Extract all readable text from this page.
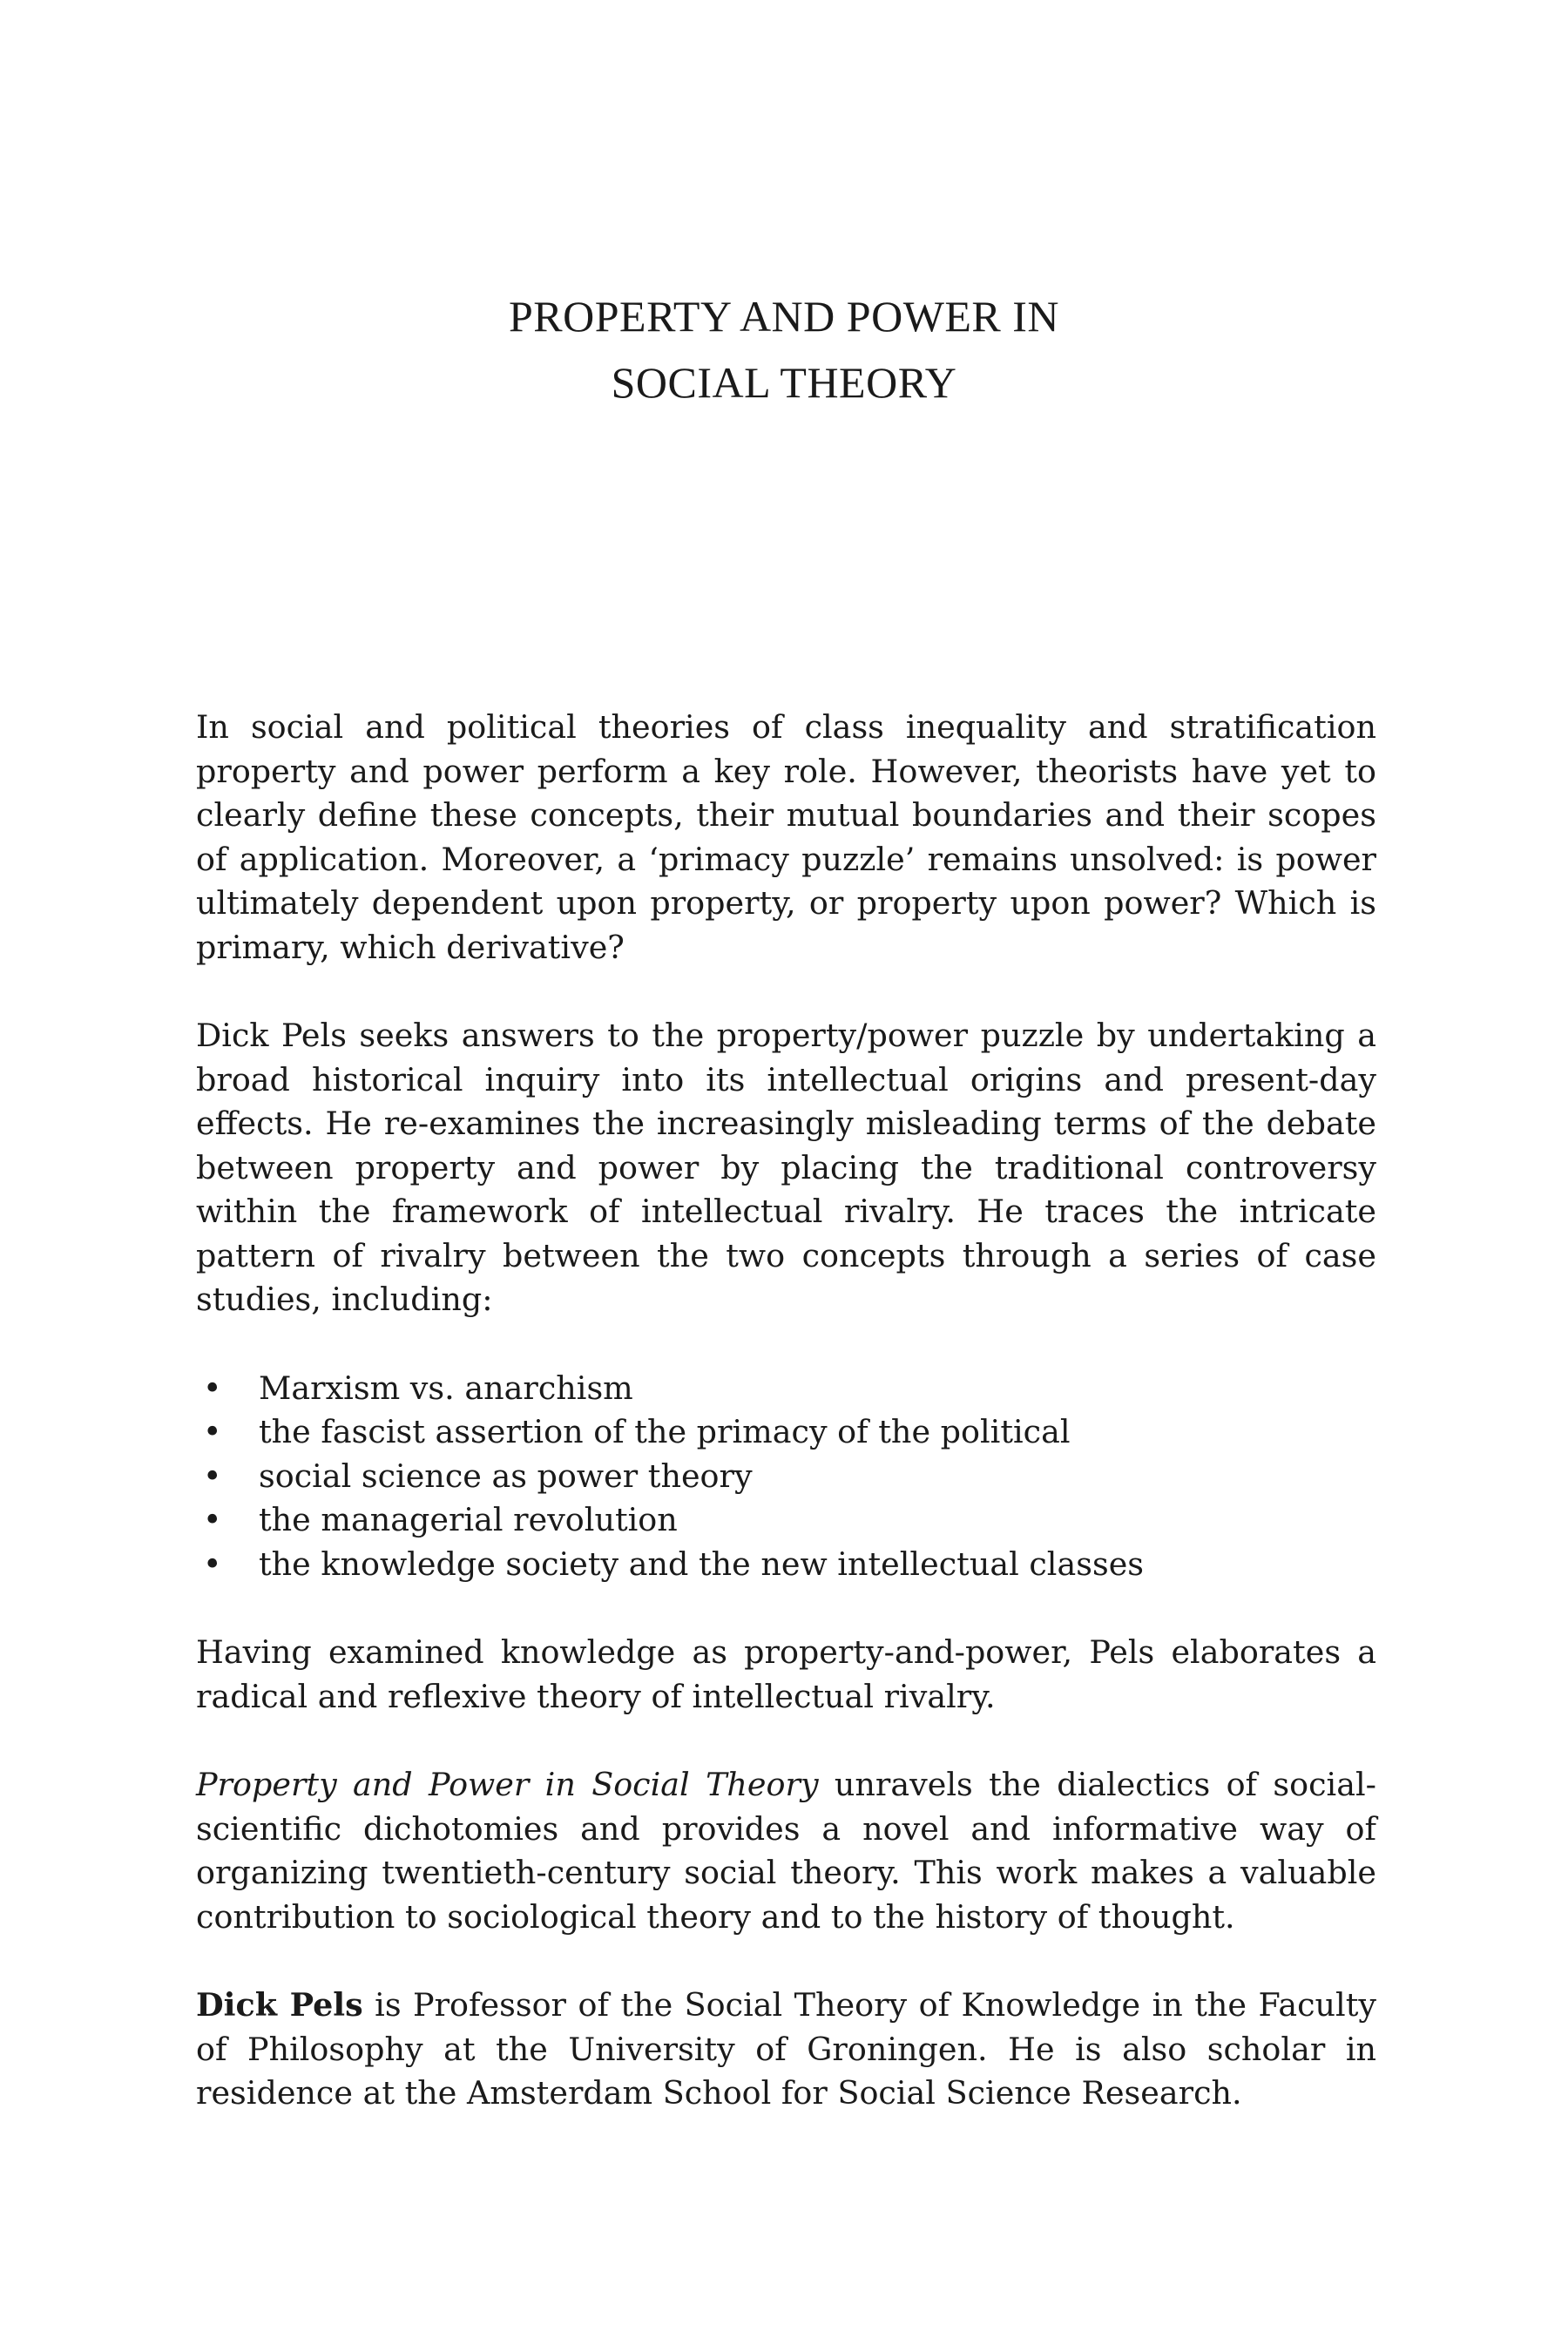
PROPERTY AND POWER IN
SOCIAL THEORY

In social and political theories of class inequality and stratification property and power perform a key role. However, theorists have yet to clearly define these concepts, their mutual boundaries and their scopes of application. Moreover, a ‘primacy puzzle’ remains unsolved: is power ultimately dependent upon property, or property upon power? Which is primary, which derivative?

Dick Pels seeks answers to the property/power puzzle by undertaking a broad historical inquiry into its intellectual origins and present-day effects. He re-examines the increasingly misleading terms of the debate between property and power by placing the traditional controversy within the framework of intellectual rivalry. He traces the intricate pattern of rivalry between the two concepts through a series of case studies, including:

• Marxism vs. anarchism
• the fascist assertion of the primacy of the political
• social science as power theory
• the managerial revolution
• the knowledge society and the new intellectual classes

Having examined knowledge as property-and-power, Pels elaborates a radical and reflexive theory of intellectual rivalry.

Property and Power in Social Theory unravels the dialectics of social-scientific dichotomies and provides a novel and informative way of organizing twentieth-century social theory. This work makes a valuable contribution to sociological theory and to the history of thought.

Dick Pels is Professor of the Social Theory of Knowledge in the Faculty of Philosophy at the University of Groningen. He is also scholar in residence at the Amsterdam School for Social Science Research.
